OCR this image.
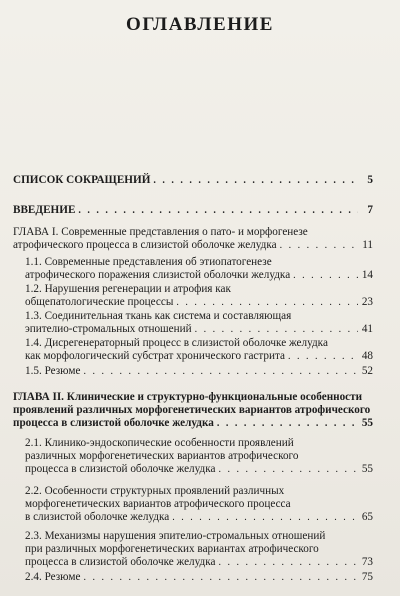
ОГЛАВЛЕНИЕ
СПИСОК СОКРАЩЕНИЙ . . .	5
ВВЕДЕНИЕ . . .	7
ГЛАВА I. Современные представления о пато- и морфогенезе
атрофического процесса в слизистой оболочке желудка . . .	11
1.1. Современные представления об этиопатогенезе
атрофического поражения слизистой оболочки желудка . . .	14
1.2. Нарушения регенерации и атрофия как
общепатологические процессы . . .	23
1.3. Соединительная ткань как система и составляющая
эпителио-стромальных отношений . . .	41
1.4. Дисрегенераторный процесс в слизистой оболочке желудка
как морфологический субстрат хронического гастрита . . .	48
1.5. Резюме . . .	52
ГЛАВА II. Клинические и структурно-функциональные особенности
проявлений различных морфогенетических вариантов атрофического
процесса в слизистой оболочке желудка . . .	55
2.1. Клинико-эндоскопические особенности проявлений
различных морфогенетических вариантов атрофического
процесса в слизистой оболочке желудка . . .	55
2.2. Особенности структурных проявлений различных
морфогенетических вариантов атрофического процесса
в слизистой оболочке желудка . . .	65
2.3. Механизмы нарушения эпителио-стромальных отношений
при различных морфогенетических вариантах атрофического
процесса в слизистой оболочке желудка . . .	73
2.4. Резюме . . .	75
